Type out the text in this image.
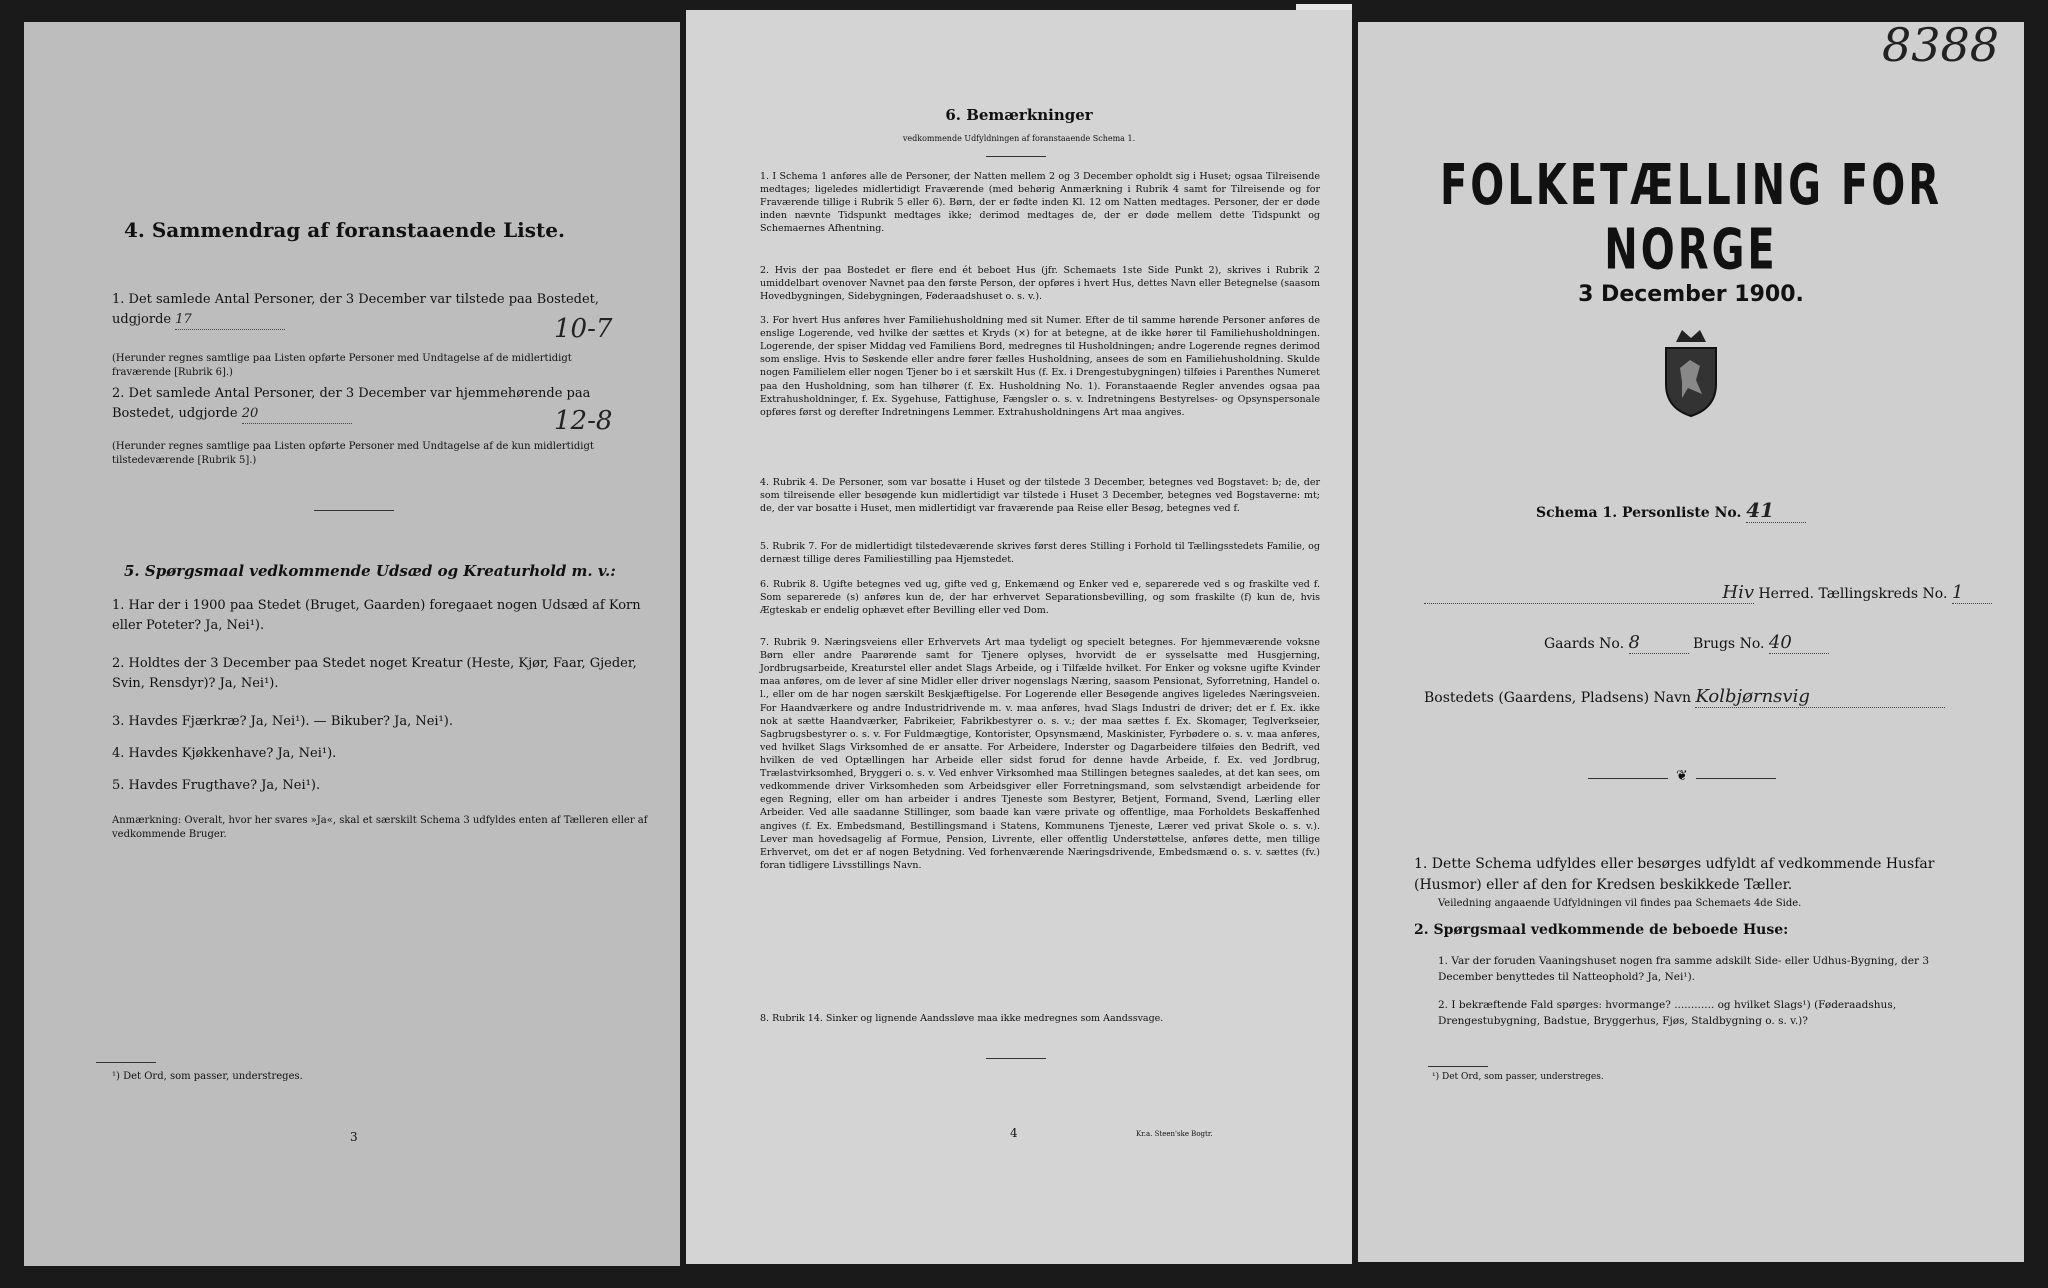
4. Sammendrag af foranstaaende Liste.
1. Det samlede Antal Personer, der 3 December var tilstede paa Bostedet,
udgjorde 17	10-7
(Herunder regnes samtlige paa Listen opførte Personer med Undtagelse af de midlertidigt fraværende [Rubrik 6].)
2. Det samlede Antal Personer, der 3 December var hjemmehørende paa
Bostedet, udgjorde 20	12-8
(Herunder regnes samtlige paa Listen opførte Personer med Undtagelse af de kun midlertidigt tilstedeværende [Rubrik 5].)
5. Spørgsmaal vedkommende Udsæd og Kreaturhold m. v.:
1. Har der i 1900 paa Stedet (Bruget, Gaarden) foregaaet nogen Udsæd af Korn eller Poteter? Ja, Nei¹).
2. Holdtes der 3 December paa Stedet noget Kreatur (Heste, Kjør, Faar, Gjeder, Svin, Rensdyr)? Ja, Nei¹).
3. Havdes Fjærkræ? Ja, Nei¹). — Bikuber? Ja, Nei¹).
4. Havdes Kjøkkenhave? Ja, Nei¹).
5. Havdes Frugthave? Ja, Nei¹).
Anmærkning: Overalt, hvor her svares »Ja«, skal et særskilt Schema 3 udfyldes enten af Tælleren eller af vedkommende Bruger.
¹) Det Ord, som passer, understreges.
3
6. Bemærkninger
vedkommende Udfyldningen af foranstaaende Schema 1.
1. I Schema 1 anføres alle de Personer, der Natten mellem 2 og 3 December opholdt sig i Huset; ogsaa Tilreisende medtages; ligeledes midlertidigt Fraværende (med behørig Anmærkning i Rubrik 4 samt for Tilreisende og for Fraværende tillige i Rubrik 5 eller 6). Børn, der er fødte inden Kl. 12 om Natten medtages. Personer, der er døde inden nævnte Tidspunkt medtages ikke; derimod medtages de, der er døde mellem dette Tidspunkt og Schemaernes Afhentning.
2. Hvis der paa Bostedet er flere end ét beboet Hus (jfr. Schemaets 1ste Side Punkt 2), skrives i Rubrik 2 umiddelbart ovenover Navnet paa den første Person, der opføres i hvert Hus, dettes Navn eller Betegnelse (saasom Hovedbygningen, Sidebygningen, Føderaadshuset o. s. v.).
3. For hvert Hus anføres hver Familiehusholdning med sit Numer. Efter de til samme hørende Personer anføres de enslige Logerende, ved hvilke der sættes et Kryds (×) for at betegne, at de ikke hører til Familiehusholdningen. Logerende, der spiser Middag ved Familiens Bord, medregnes til Husholdningen; andre Logerende regnes derimod som enslige. Hvis to Søskende eller andre fører fælles Husholdning, ansees de som en Familiehusholdning. Skulde nogen Familielem eller nogen Tjener bo i et særskilt Hus (f. Ex. i Drengestubygningen) tilføies i Parenthes Numeret paa den Husholdning, som han tilhører (f. Ex. Husholdning No. 1). Foranstaaende Regler anvendes ogsaa paa Extrahusholdninger, f. Ex. Sygehuse, Fattighuse, Fængsler o. s. v. Indretningens Bestyrelses- og Opsynspersonale opføres først og derefter Indretningens Lemmer. Extrahusholdningens Art maa angives.
4. Rubrik 4. De Personer, som var bosatte i Huset og der tilstede 3 December, betegnes ved Bogstavet: b; de, der som tilreisende eller besøgende kun midlertidigt var tilstede i Huset 3 December, betegnes ved Bogstaverne: mt; de, der var bosatte i Huset, men midlertidigt var fraværende paa Reise eller Besøg, betegnes ved f.
5. Rubrik 7. For de midlertidigt tilstedeværende skrives først deres Stilling i Forhold til Tællingsstedets Familie, og dernæst tillige deres Familiestilling paa Hjemstedet.
6. Rubrik 8. Ugifte betegnes ved ug, gifte ved g, Enkemænd og Enker ved e, separerede ved s og fraskilte ved f. Som separerede (s) anføres kun de, der har erhvervet Separationsbevilling, og som fraskilte (f) kun de, hvis Ægteskab er endelig ophævet efter Bevilling eller ved Dom.
7. Rubrik 9. Næringsveiens eller Erhvervets Art maa tydeligt og specielt betegnes. For hjemmeværende voksne Børn eller andre Paarørende samt for Tjenere oplyses, hvorvidt de er sysselsatte med Husgjerning, Jordbrugsarbeide, Kreaturstel eller andet Slags Arbeide, og i Tilfælde hvilket. For Enker og voksne ugifte Kvinder maa anføres, om de lever af sine Midler eller driver nogenslags Næring, saasom Pensionat, Syforretning, Handel o. l., eller om de har nogen særskilt Beskjæftigelse. For Logerende eller Besøgende angives ligeledes Næringsveien. For Haandværkere og andre Industridrivende m. v. maa anføres, hvad Slags Industri de driver; det er f. Ex. ikke nok at sætte Haandværker, Fabrikeier, Fabrikbestyrer o. s. v.; der maa sættes f. Ex. Skomager, Teglverkseier, Sagbrugsbestyrer o. s. v. For Fuldmægtige, Kontorister, Opsynsmænd, Maskinister, Fyrbødere o. s. v. maa anføres, ved hvilket Slags Virksomhed de er ansatte. For Arbeidere, Inderster og Dagarbeidere tilføies den Bedrift, ved hvilken de ved Optællingen har Arbeide eller sidst forud for denne havde Arbeide, f. Ex. ved Jordbrug, Trælastvirksomhed, Bryggeri o. s. v. Ved enhver Virksomhed maa Stillingen betegnes saaledes, at det kan sees, om vedkommende driver Virksomheden som Arbeidsgiver eller Forretningsmand, som selvstændigt arbeidende for egen Regning, eller om han arbeider i andres Tjeneste som Bestyrer, Betjent, Formand, Svend, Lærling eller Arbeider. Ved alle saadanne Stillinger, som baade kan være private og offentlige, maa Forholdets Beskaffenhed angives (f. Ex. Embedsmand, Bestillingsmand i Statens, Kommunens Tjeneste, Lærer ved privat Skole o. s. v.). Lever man hovedsagelig af Formue, Pension, Livrente, eller offentlig Understøttelse, anføres dette, men tillige Erhvervet, om det er af nogen Betydning. Ved forhenværende Næringsdrivende, Embedsmænd o. s. v. sættes (fv.) foran tidligere Livsstillings Navn.
8. Rubrik 14. Sinker og lignende Aandssløve maa ikke medregnes som Aandssvage.
4	Kr.a. Steen'ske Bogtr.
8388
FOLKETÆLLING FOR NORGE
3 December 1900.
Schema 1. Personliste No. 41
Hiv Herred. Tællingskreds No. 1
Gaards No. 8	Brugs No. 40
Bostedets (Gaardens, Pladsens) Navn Kolbjørnsvig
❦
1. Dette Schema udfyldes eller besørges udfyldt af vedkommende Husfar (Husmor) eller af den for Kredsen beskikkede Tæller.
Veiledning angaaende Udfyldningen vil findes paa Schemaets 4de Side.
2. Spørgsmaal vedkommende de beboede Huse:
1. Var der foruden Vaaningshuset nogen fra samme adskilt Side- eller Udhus-Bygning, der 3 December benyttedes til Natteophold? Ja, Nei¹).
2. I bekræftende Fald spørges: hvormange? ............ og hvilket Slags¹) (Føderaadshus, Drengestubygning, Badstue, Bryggerhus, Fjøs, Staldbygning o. s. v.)?
¹) Det Ord, som passer, understreges.
